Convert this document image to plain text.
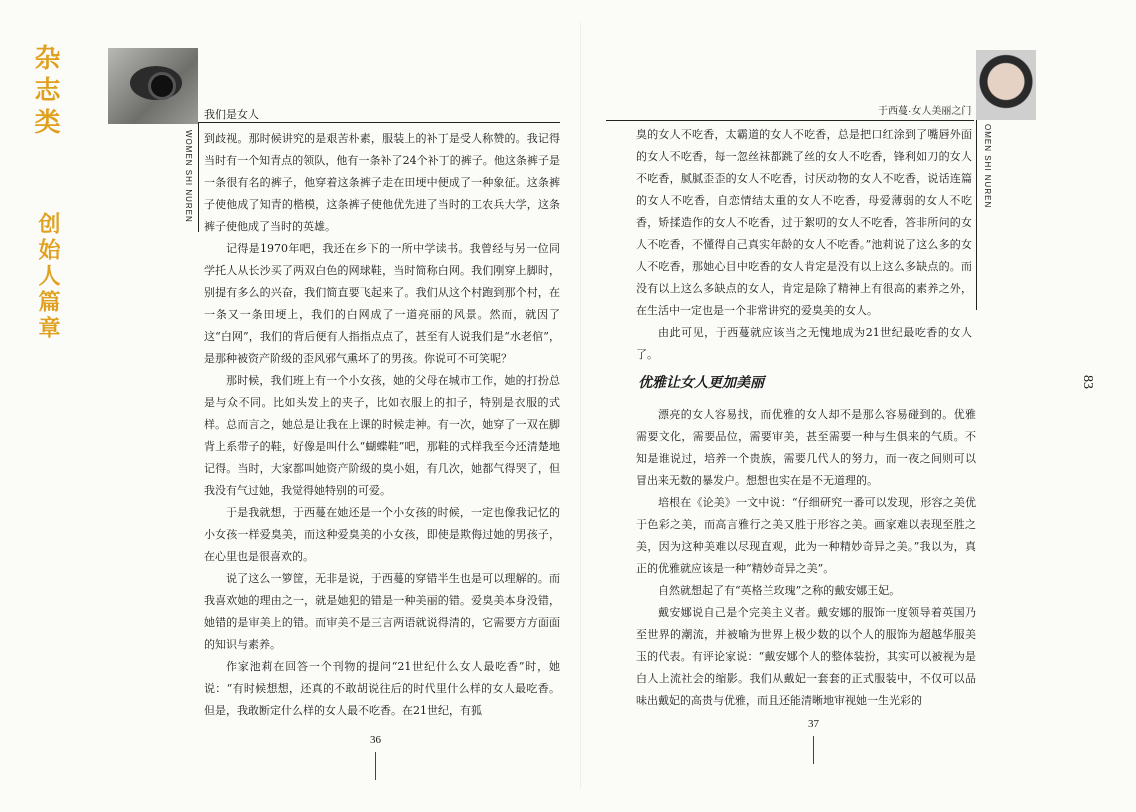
杂志类
创始人篇章
我们是女人
WOMEN SHI NUREN 到歧视。那时候讲究的是艰苦朴素，服装上的补丁是受人称赞的。我记得当时有一个知青点的领队，他有一条补了24个补丁的裤子。他这条裤子是一条很有名的裤子，他穿着这条裤子走在田埂中便成了一种象征。这条裤子使他成了知青的楷模，这条裤子使他优先进了当时的工农兵大学，这条裤子使他成了当时的英雄。

记得是1970年吧，我还在乡下的一所中学读书。我曾经与另一位同学托人从长沙买了两双白色的网球鞋，当时简称白网。我们刚穿上脚时，别提有多么的兴奋，我们简直要飞起来了。我们从这个村跑到那个村，在一条又一条田埂上，我们的白网成了一道亮丽的风景。然而，就因了这“白网”，我们的背后便有人指指点点了，甚至有人说我们是“水老倌”，是那种被资产阶级的歪风邪气熏坏了的男孩。你说可不可笑呢？

那时候，我们班上有一个小女孩，她的父母在城市工作，她的打扮总是与众不同。比如头发上的夹子，比如衣服上的扣子，特别是衣服的式样。总而言之，她总是让我在上课的时候走神。有一次，她穿了一双在脚背上系带子的鞋，好像是叫什么“蝴蝶鞋”吧，那鞋的式样我至今还清楚地记得。当时，大家都叫她资产阶级的臭小姐，有几次，她都气得哭了，但我没有气过她，我觉得她特别的可爱。

于是我就想，于西蔓在她还是一个小女孩的时候，一定也像我记忆的小女孩一样爱臭美，而这种爱臭美的小女孩，即使是欺侮过她的男孩子，在心里也是很喜欢的。

说了这么一箩筐，无非是说，于西蔓的穿错半生也是可以理解的。而我喜欢她的理由之一，就是她犯的错是一种美丽的错。爱臭美本身没错，她错的是审美上的错。而审美不是三言两语就说得清的，它需要方方面面的知识与素养。

作家池莉在回答一个刊物的提问“21世纪什么女人最吃香”时，她说：“有时候想想，还真的不敢胡说往后的时代里什么样的女人最吃香。但是，我敢断定什么样的女人最不吃香。在21世纪，有狐

36
于西蔓·女人美丽之门
OMEN SHI NUREN

臭的女人不吃香，太霸道的女人不吃香，总是把口红涂到了嘴唇外面的女人不吃香，每一忽丝袜都跳了丝的女人不吃香，锋利如刀的女人不吃香，腻腻歪歪的女人不吃香，讨厌动物的女人不吃香，说话连篇的女人不吃香，自恋情结太重的女人不吃香，母爱薄弱的女人不吃香，矫揉造作的女人不吃香，过于絮叨的女人不吃香，答非所问的女人不吃香，不懂得自己真实年龄的女人不吃香。”池莉说了这么多的女人不吃香，那她心目中吃香的女人肯定是没有以上这么多缺点的。而没有以上这么多缺点的女人，肯定是除了精神上有很高的素养之外，在生活中一定也是一个非常讲究的爱臭美的女人。

由此可见，于西蔓就应该当之无愧地成为21世纪最吃香的女人了。

优雅让女人更加美丽

漂亮的女人容易找，而优雅的女人却不是那么容易碰到的。优雅需要文化，需要品位，需要审美，甚至需要一种与生俱来的气质。不知是谁说过，培养一个贵族，需要几代人的努力，而一夜之间则可以冒出来无数的暴发户。想想也实在是不无道理的。

培根在《论美》一文中说：“仔细研究一番可以发现，形容之美优于色彩之美，而高言雅行之美又胜于形容之美。画家难以表现至胜之美，因为这种美难以尽现直观，此为一种精妙奇异之美。”我以为，真正的优雅就应该是一种“精妙奇异之美”。

自然就想起了有“英格兰玫瑰”之称的戴安娜王妃。

戴安娜说自己是个完美主义者。戴安娜的服饰一度领导着英国乃至世界的潮流，并被喻为世界上极少数的以个人的服饰为超越华服美玉的代表。有评论家说：“戴安娜个人的整体装扮，其实可以被视为是白人上流社会的缩影。我们从戴妃一套套的正式服装中，不仅可以品味出戴妃的高贵与优雅，而且还能清晰地审视她一生光彩的

37
83
